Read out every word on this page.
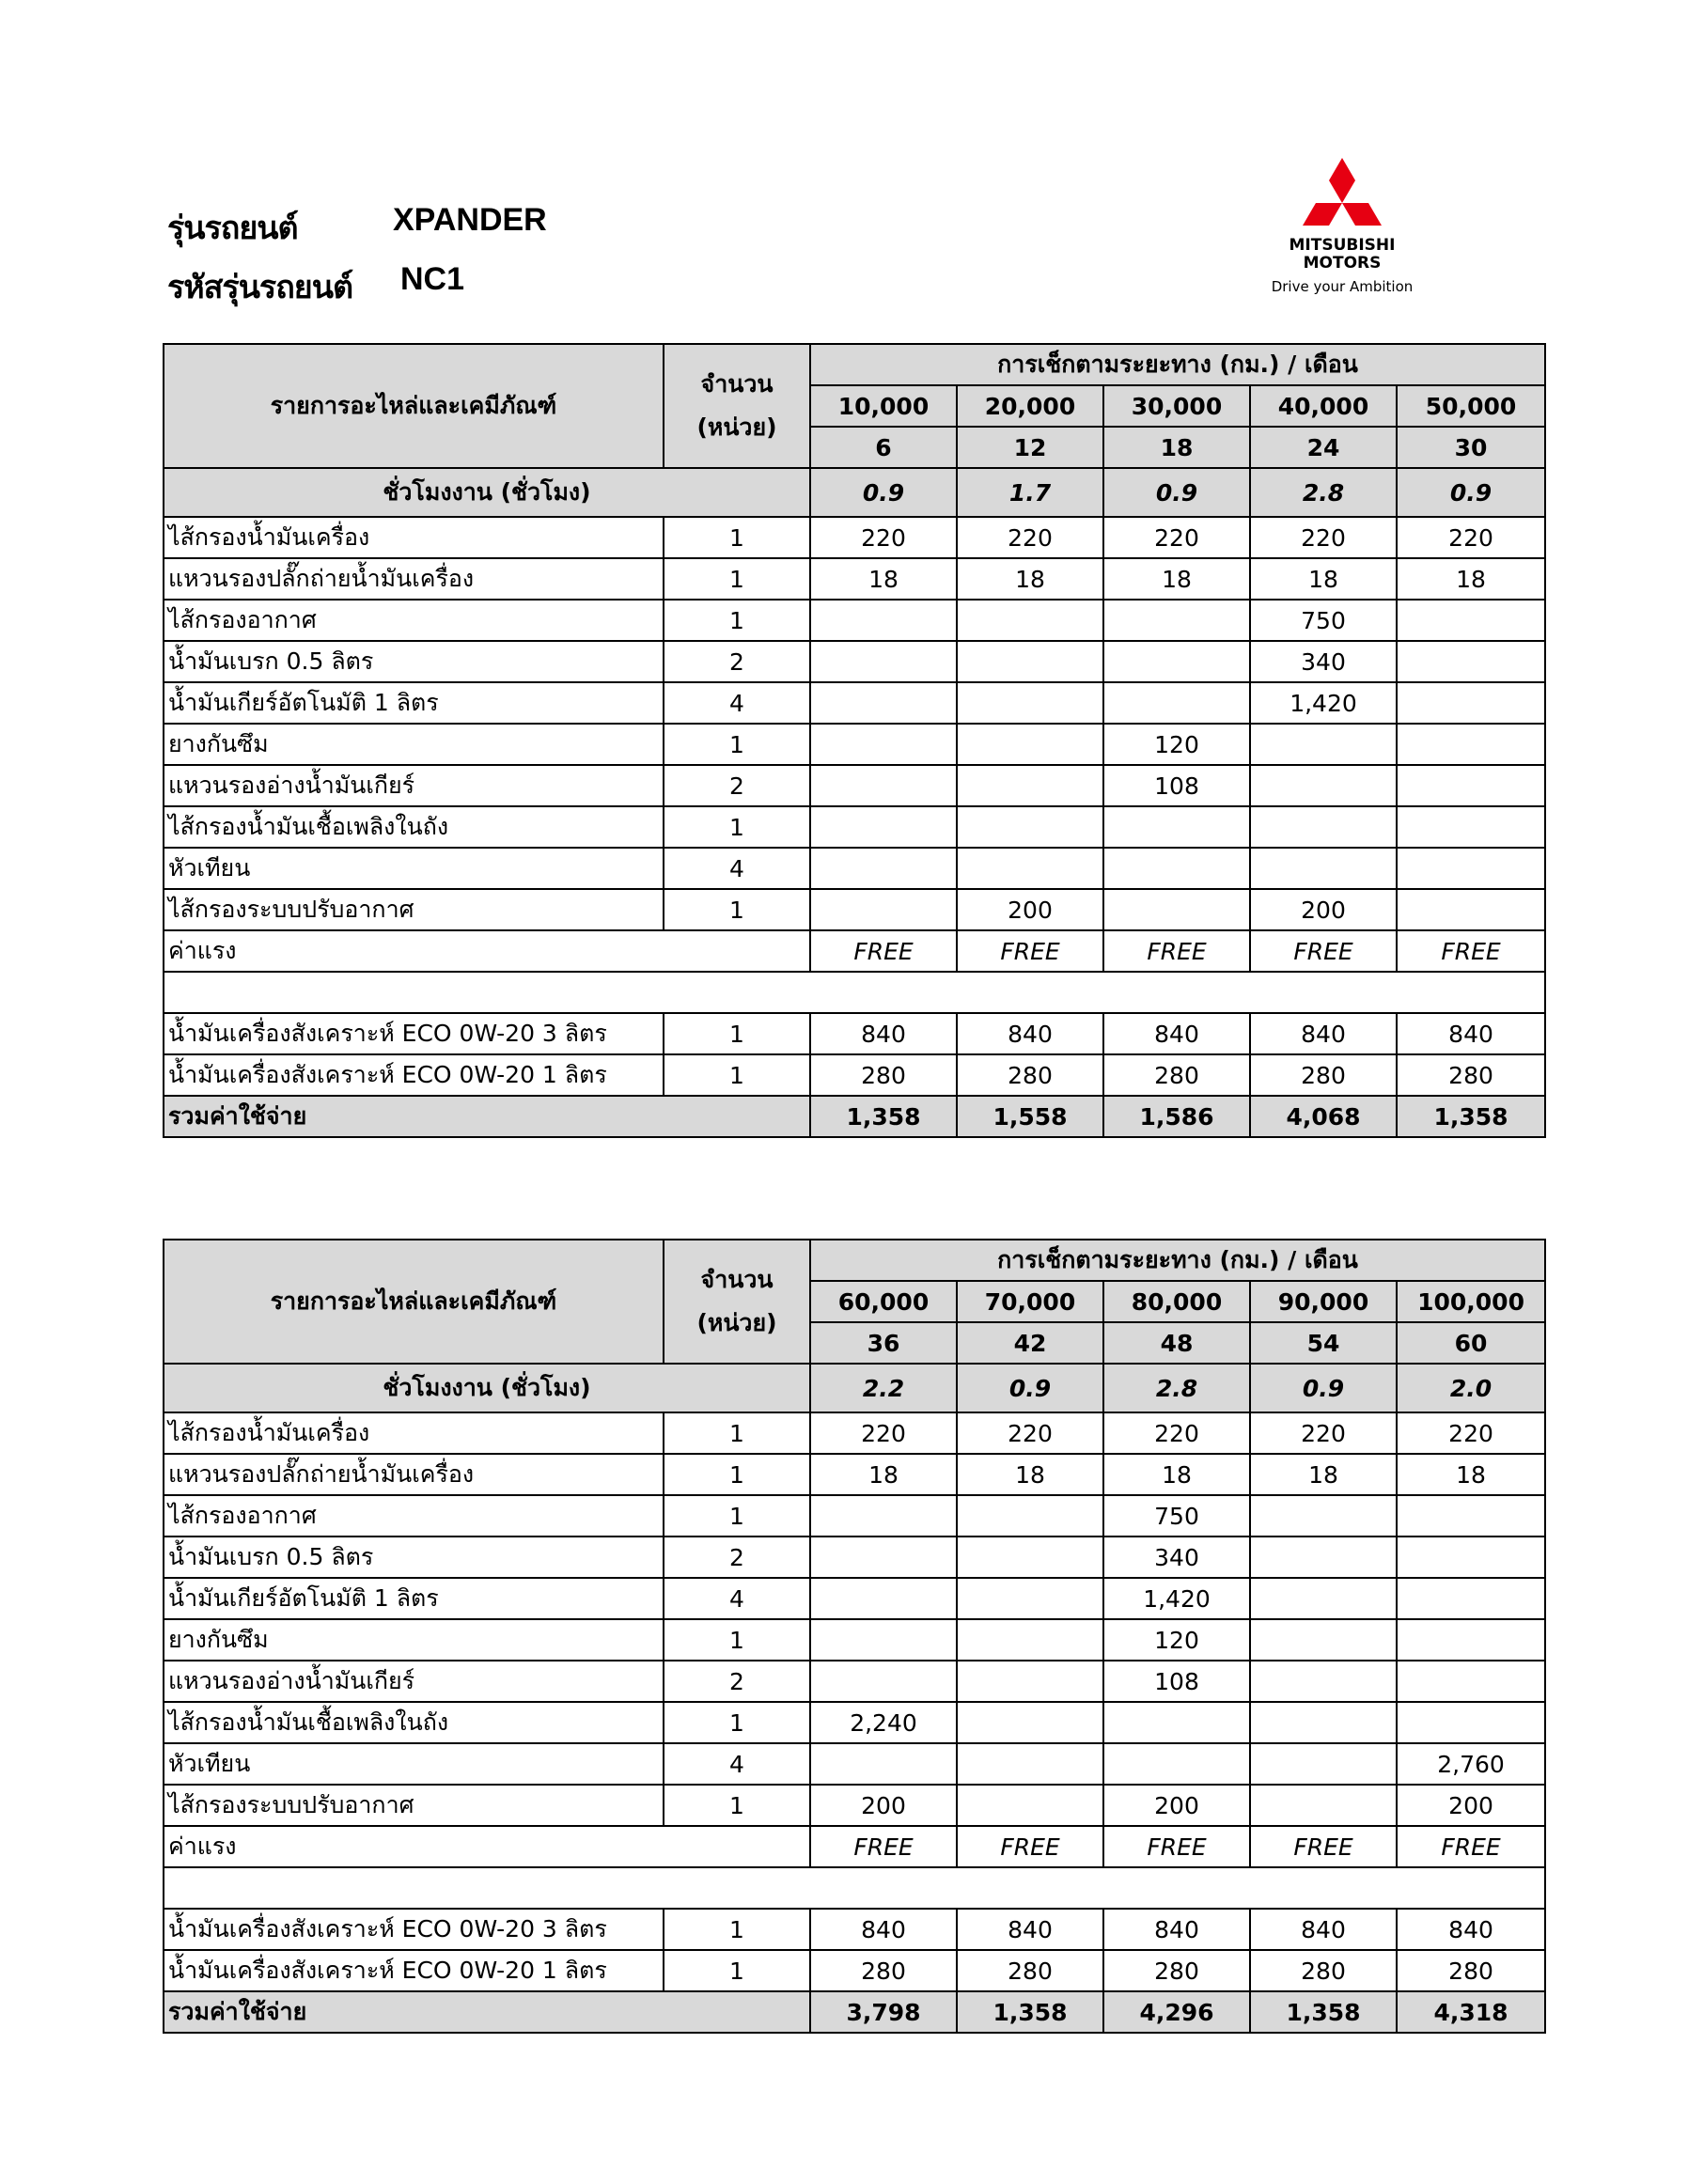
รุ่นรถยนต์	XPANDER
รหัสรุ่นรถยนต์ NC1
MITSUBISHI
MOTORS
Drive your Ambition
รายการอะไหล่และเคมีภัณฑ์	จำนวน
(หน่วย)	การเช็กตามระยะทาง (กม.) / เดือน				
		10,000	20,000	30,000	40,000	50,000
		6	12	18	24	30
ชั่วโมงงาน (ชั่วโมง)		0.9	1.7	0.9	2.8	0.9
ไส้กรองน้ำมันเครื่อง	1	220	220	220	220	220
แหวนรองปลั๊กถ่ายน้ำมันเครื่อง	1	18	18	18	18	18
ไส้กรองอากาศ	1				750	
น้ำมันเบรก 0.5 ลิตร	2				340	
น้ำมันเกียร์อัตโนมัติ 1 ลิตร	4				1,420	
ยางกันซึม	1			120		
แหวนรองอ่างน้ำมันเกียร์	2			108		
ไส้กรองน้ำมันเชื้อเพลิงในถัง	1					
หัวเทียน	4					
ไส้กรองระบบปรับอากาศ	1		200		200	
ค่าแรง		FREE	FREE	FREE	FREE	FREE

น้ำมันเครื่องสังเคราะห์ ECO 0W-20 3 ลิตร	1	840	840	840	840	840
น้ำมันเครื่องสังเคราะห์ ECO 0W-20 1 ลิตร	1	280	280	280	280	280
รวมค่าใช้จ่าย		1,358	1,558	1,586	4,068	1,358
รายการอะไหล่และเคมีภัณฑ์	จำนวน
(หน่วย)	การเช็กตามระยะทาง (กม.) / เดือน				
		60,000	70,000	80,000	90,000	100,000
		36	42	48	54	60
ชั่วโมงงาน (ชั่วโมง)		2.2	0.9	2.8	0.9	2.0
ไส้กรองน้ำมันเครื่อง	1	220	220	220	220	220
แหวนรองปลั๊กถ่ายน้ำมันเครื่อง	1	18	18	18	18	18
ไส้กรองอากาศ	1			750		
น้ำมันเบรก 0.5 ลิตร	2			340		
น้ำมันเกียร์อัตโนมัติ 1 ลิตร	4			1,420		
ยางกันซึม	1			120		
แหวนรองอ่างน้ำมันเกียร์	2			108		
ไส้กรองน้ำมันเชื้อเพลิงในถัง	1	2,240				
หัวเทียน	4					2,760
ไส้กรองระบบปรับอากาศ	1	200		200		200
ค่าแรง		FREE	FREE	FREE	FREE	FREE

น้ำมันเครื่องสังเคราะห์ ECO 0W-20 3 ลิตร	1	840	840	840	840	840
น้ำมันเครื่องสังเคราะห์ ECO 0W-20 1 ลิตร	1	280	280	280	280	280
รวมค่าใช้จ่าย		3,798	1,358	4,296	1,358	4,318
